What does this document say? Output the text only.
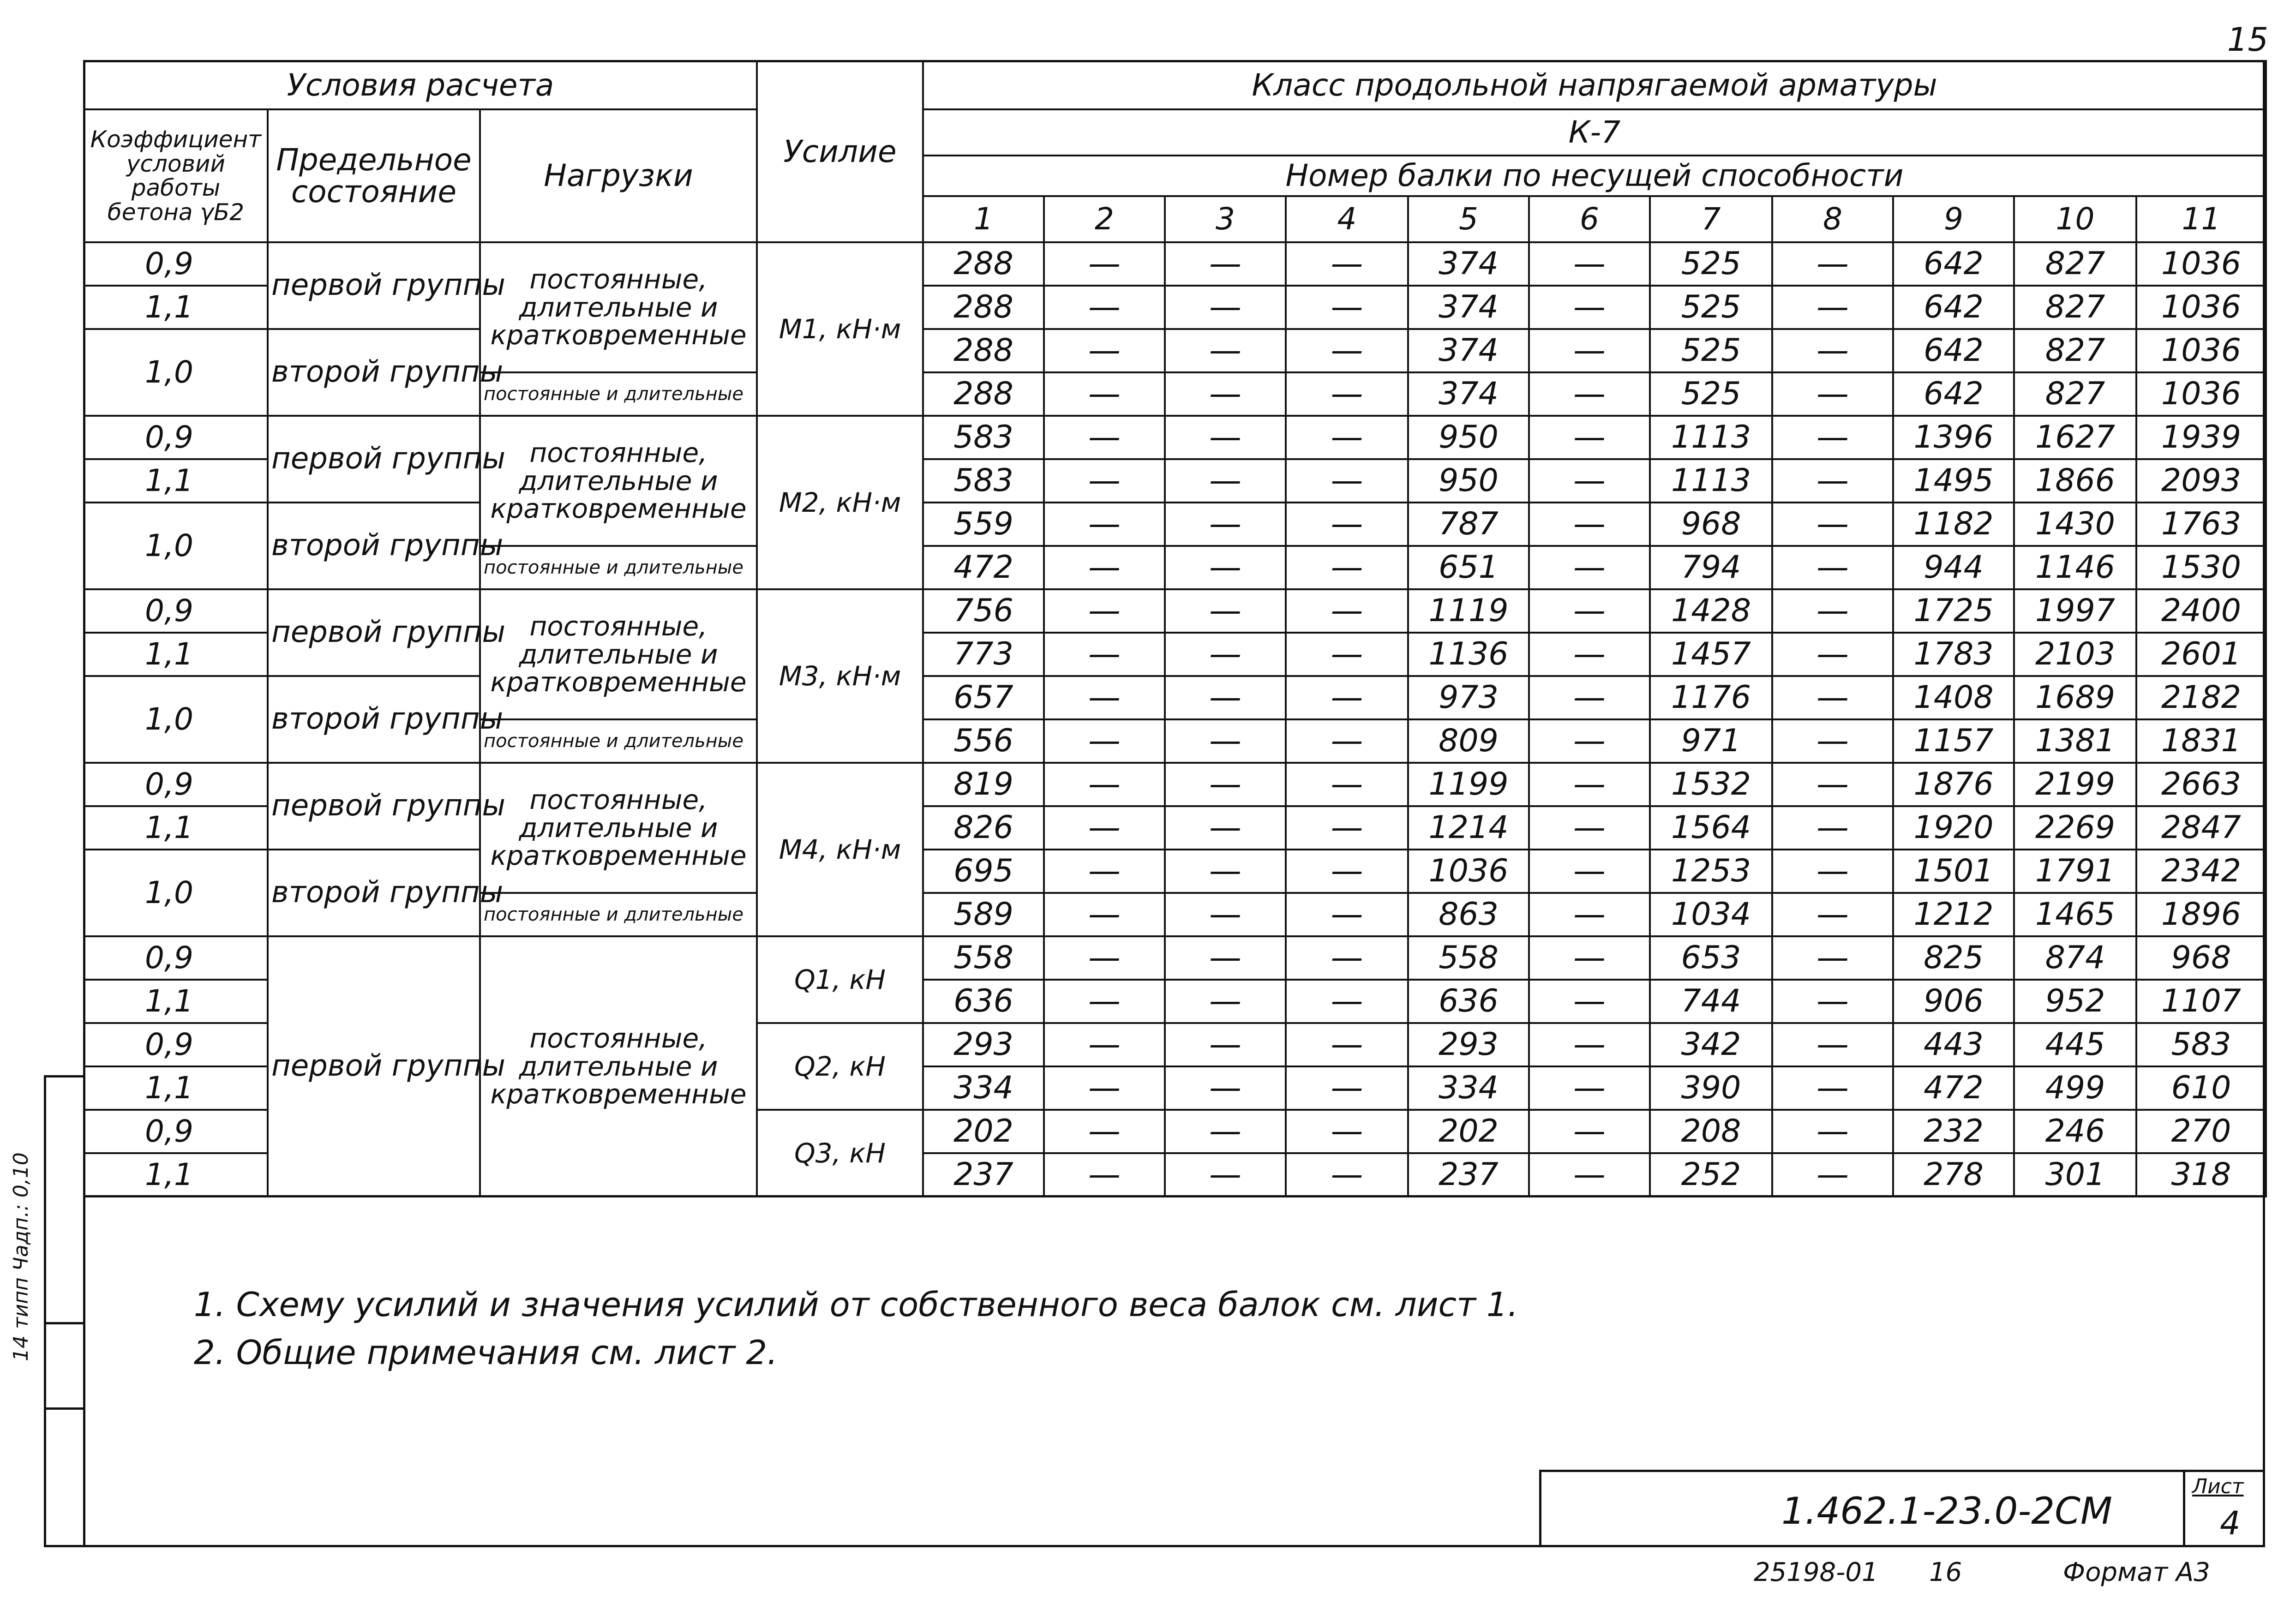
15
14 типп Чадп.: 0,10
Условия расчета			Усилие	Класс продольной напрягаемой арматуры										
Коэффициент условий работы бетона γБ2	Предельное состояние	Нагрузки		К-7										
				Номер балки по несущей способности										
				1	2	3	4	5	6	7	8	9	10	11
0,9	первой группы	постоянные, длительные и кратковременные	M1, кН·м	288	—	—	—	374	—	525	—	642	827	1036
1,1				288	—	—	—	374	—	525	—	642	827	1036
1,0	второй группы			288	—	—	—	374	—	525	—	642	827	1036
		постоянные и длительные		288	—	—	—	374	—	525	—	642	827	1036
0,9	первой группы	постоянные, длительные и кратковременные	M2, кН·м	583	—	—	—	950	—	1113	—	1396	1627	1939
1,1				583	—	—	—	950	—	1113	—	1495	1866	2093
1,0	второй группы			559	—	—	—	787	—	968	—	1182	1430	1763
		постоянные и длительные		472	—	—	—	651	—	794	—	944	1146	1530
0,9	первой группы	постоянные, длительные и кратковременные	M3, кН·м	756	—	—	—	1119	—	1428	—	1725	1997	2400
1,1				773	—	—	—	1136	—	1457	—	1783	2103	2601
1,0	второй группы			657	—	—	—	973	—	1176	—	1408	1689	2182
		постоянные и длительные		556	—	—	—	809	—	971	—	1157	1381	1831
0,9	первой группы	постоянные, длительные и кратковременные	M4, кН·м	819	—	—	—	1199	—	1532	—	1876	2199	2663
1,1				826	—	—	—	1214	—	1564	—	1920	2269	2847
1,0	второй группы			695	—	—	—	1036	—	1253	—	1501	1791	2342
		постоянные и длительные		589	—	—	—	863	—	1034	—	1212	1465	1896
0,9	первой группы	постоянные, длительные и кратковременные	Q1, кН	558	—	—	—	558	—	653	—	825	874	968
1,1				636	—	—	—	636	—	744	—	906	952	1107
0,9			Q2, кН	293	—	—	—	293	—	342	—	443	445	583
1,1				334	—	—	—	334	—	390	—	472	499	610
0,9			Q3, кН	202	—	—	—	202	—	208	—	232	246	270
1,1				237	—	—	—	237	—	252	—	278	301	318
1. Схему усилий и значения усилий от собственного веса балок см. лист 1.
2. Общие примечания см. лист 2.
1.462.1-23.0-2СМ
Лист
4
25198-01 16	Формат А3
